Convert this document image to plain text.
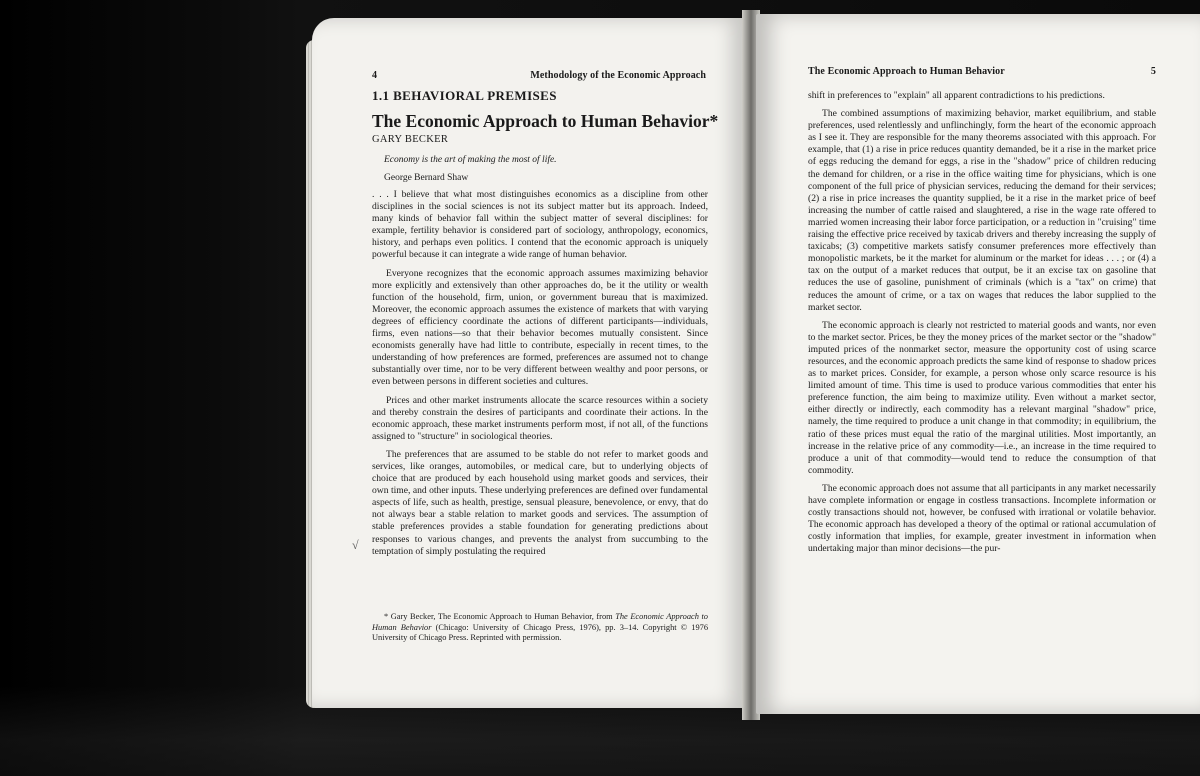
4	Methodology of the Economic Approach
1.1 BEHAVIORAL PREMISES
The Economic Approach to Human Behavior*
GARY BECKER
Economy is the art of making the most of life.
George Bernard Shaw

. . . I believe that what most distinguishes economics as a discipline from other disciplines in the social sciences is not its subject matter but its approach. Indeed, many kinds of behavior fall within the subject matter of several disciplines: for example, fertility behavior is considered part of sociology, anthropology, economics, history, and perhaps even politics. I contend that the economic approach is uniquely powerful because it can integrate a wide range of human behavior.

Everyone recognizes that the economic approach assumes maximizing behavior more explicitly and extensively than other approaches do, be it the utility or wealth function of the household, firm, union, or government bureau that is maximized. Moreover, the economic approach assumes the existence of markets that with varying degrees of efficiency coordinate the actions of different participants—individuals, firms, even nations—so that their behavior becomes mutually consistent. Since economists generally have had little to contribute, especially in recent times, to the understanding of how preferences are formed, preferences are assumed not to change substantially over time, nor to be very different between wealthy and poor persons, or even between persons in different societies and cultures.

Prices and other market instruments allocate the scarce resources within a society and thereby constrain the desires of participants and coordinate their actions. In the economic approach, these market instruments perform most, if not all, of the functions assigned to "structure" in sociological theories.

The preferences that are assumed to be stable do not refer to market goods and services, like oranges, automobiles, or medical care, but to underlying objects of choice that are produced by each household using market goods and services, their own time, and other inputs. These underlying preferences are defined over fundamental aspects of life, such as health, prestige, sensual pleasure, benevolence, or envy, that do not always bear a stable relation to market goods and services. The assumption of stable preferences provides a stable foundation for generating predictions about responses to various changes, and prevents the analyst from succumbing to the temptation of simply postulating the required

√
* Gary Becker, The Economic Approach to Human Behavior, from The Economic Approach to Human Behavior (Chicago: University of Chicago Press, 1976), pp. 3–14. Copyright © 1976 University of Chicago Press. Reprinted with permission.
The Economic Approach to Human Behavior	5

shift in preferences to "explain" all apparent contradictions to his predictions.

The combined assumptions of maximizing behavior, market equilibrium, and stable preferences, used relentlessly and unflinchingly, form the heart of the economic approach as I see it. They are responsible for the many theorems associated with this approach. For example, that (1) a rise in price reduces quantity demanded, be it a rise in the market price of eggs reducing the demand for eggs, a rise in the "shadow" price of children reducing the demand for children, or a rise in the office waiting time for physicians, which is one component of the full price of physician services, reducing the demand for their services; (2) a rise in price increases the quantity supplied, be it a rise in the market price of beef increasing the number of cattle raised and slaughtered, a rise in the wage rate offered to married women increasing their labor force participation, or a reduction in "cruising" time raising the effective price received by taxicab drivers and thereby increasing the supply of taxicabs; (3) competitive markets satisfy consumer preferences more effectively than monopolistic markets, be it the market for aluminum or the market for ideas . . . ; or (4) a tax on the output of a market reduces that output, be it an excise tax on gasoline that reduces the use of gasoline, punishment of criminals (which is a "tax" on crime) that reduces the amount of crime, or a tax on wages that reduces the labor supplied to the market sector.

The economic approach is clearly not restricted to material goods and wants, nor even to the market sector. Prices, be they the money prices of the market sector or the "shadow" imputed prices of the nonmarket sector, measure the opportunity cost of using scarce resources, and the economic approach predicts the same kind of response to shadow prices as to market prices. Consider, for example, a person whose only scarce resource is his limited amount of time. This time is used to produce various commodities that enter his preference function, the aim being to maximize utility. Even without a market sector, either directly or indirectly, each commodity has a relevant marginal "shadow" price, namely, the time required to produce a unit change in that commodity; in equilibrium, the ratio of these prices must equal the ratio of the marginal utilities. Most importantly, an increase in the relative price of any commodity—i.e., an increase in the time required to produce a unit of that commodity—would tend to reduce the consumption of that commodity.

The economic approach does not assume that all participants in any market necessarily have complete information or engage in costless transactions. Incomplete information or costly transactions should not, however, be confused with irrational or volatile behavior. The economic approach has developed a theory of the optimal or rational accumulation of costly information that implies, for example, greater investment in information when undertaking major than minor decisions—the pur-
